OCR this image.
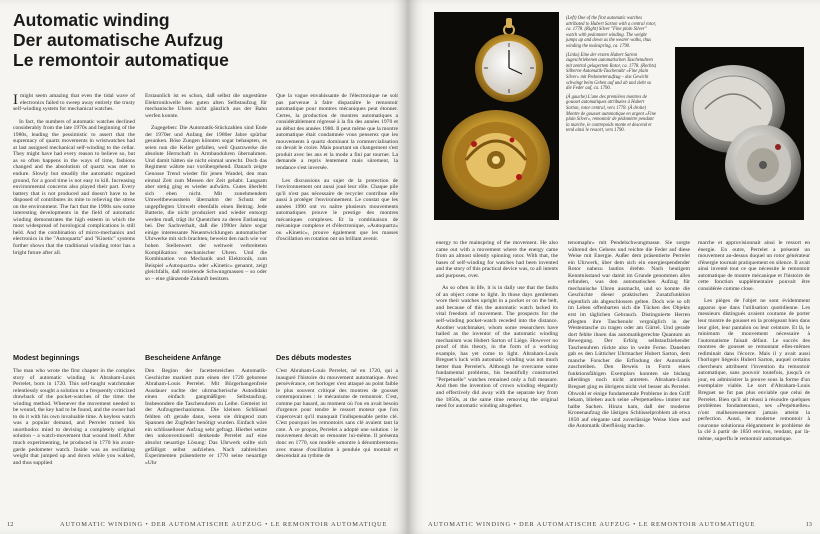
Automatic winding
Der automatische Aufzug
Le remontoir automatique

I might seem amazing that even the tidal wave of electronics failed to sweep away entirely the trusty self-winding system for mechanical watches.

In fact, the numbers of automatic watches declined considerably from the late 1970s and beginning of the 1980s, leading the pessimistic to assert that the supremacy of quartz movements in wristwatches had at last assigned mechanical self-winding to the cellar. They might have had every reason to believe so, but as so often happens in the ways of time, fashions changed and the absolutism of quartz was met to endure. Slowly but steadily the automatic regained ground, for a good time is not easy to kill. Increasing environmental concerns also played their part. Every battery that is not produced and doesn't have to be disposed of contributes its mite to relieving the stress on the environment. The fact that the 1990s saw some interesting developments in the field of automatic winding demonstrates the high esteem in which the most widespread of horological complications is still held. And the combination of micro-mechanics and electronics in the "Autoquartz" and "Kinetic" systems further shows that the traditional winding rotor has a bright future after all.

Erstaunlich ist es schon, daß selbst die ungestüme Elektronikwelle den guten alten Selbstaufzug für mechanische Uhren nicht gänzlich aus der Bahn werfen konnte.

Zugegeben: Die Automatik-Stückzahlen sind Ende der 1970er und Anfang der 1980er Jahre spürbar gesunken. Böse Zungen könnten sogar behaupten, es seien nun die Keller gefallen, weil Quarzwerke die absolute Herrschaft in Armbanduhren übernahmen. Und damit hätten sie nicht einmal unrecht. Doch das Regiment währte nur vorübergehend. Danach zeigte Genosse Trend wieder für jenen Wandel, den man einmal Zeit zum Messen der Zeit gehabt. Langsam aber stetig ging es wieder aufwärts. Gutes überlebt sich eben nicht. Mit zunehmendem Umweltbewusstsein übernahm der Schutz der ungepflegten Umwelt ebenfalls einen Beitrag. Jede Batterie, die nicht produziert und wieder entsorgt werden muß, trägt ihr Quentchen zu deren Entlastung bei. Der Sachverhalt, daß die 1990er Jahre sogar einige interessante Neuentwicklungen automatischer Uhrwerke mit sich brachten, beweist den nach wie vor hohen Stellenwert der weltweit verbreiteten Komplikation: mechanischer Uhren. Und die Kombination von Mechanik und Elektronik, zum Beispiel »Autoquartz« oder »Kinetic« genannt, zeigt gleichfalls, daß rotierende Schwungmassen – so oder so – eine glänzende Zukunft besitzen.

Que la vague envahissante de l'électronique ne soit pas parvenue à faire disparaître le remontoir automatique pour montres mécaniques peut étonner. Certes, la production de montres automatiques a considérablement régressé à la fin des années 1970 et au début des années 1980. Il peut même que la montre automatique était condamnée vous penserez que les mouvements à quartz dominant la commercialisation on devait le croire. Mais pourtant un changement s'est produit avec les ans et la mode a fini par tourner. La demande a repris lentement mais sûrement, la tendance s'est inversée.

Les discussions au sujet de la protection de l'environnement ont aussi joué leur rôle. Chaque pile qu'il n'est pas nécessaire de recycler contribue elle aussi à protéger l'environnement. Le constat que les années 1990 ont vu naître plusieurs mouvements automatiques prouve le prestige des montres mécaniques complexes. Et la combinaison de mécanique complexe et d'électronique, «Autoquartz» ou «Kinetic», prouve également que les masses d'oscillation en rotation ont un brillant avenir.

Modest beginnings	Bescheidene Anfänge	Des débuts modestes

The man who wrote the first chapter in the complex story of automatic winding is Abraham-Louis Perrelet, born in 1720. This self-taught watchmaker relentlessly sought a solution to a frequently criticized drawback of the pocket-watches of the time: the winding method. Whenever the movement needed to be wound, the key had to be found, and the owner had to do it with his own invaluable time. A keyless watch was a popular demand, and Perrelet turned his unorthodox mind to devising a completely original solution – a watch-movement that wound itself. After much experimenting, he produced in 1770 his avant-garde pedometer watch. Inside was an oscillating weight that jumped up and down while you walked, and thus supplied

Den Beginn der facettenreichen Automatik-Geschichte markiert zum einen der 1720 geborene Abraham-Louis Perrelet. Mit Bürgerbangenfreie Ausdauer suchte der uhrmacherische Autodidakt einen einfach gangmäßigen Selbstaufzug. Insbesondere die Taschenuhren zu Leibe. Gemeint ist der Aufzugmechanismus. Die kleinen Schlüssel fehlten oft gerade dann, wenn sie dringend zum Spannen der Zugfeder benötigt wurden. Einfach wäre ein schlüsselloser Aufzug sehr gefragt. Hierbei setzte den unkonventionell denkende Perrelet auf eine absolut neuartige Lösung: Das Uhrwerk sollte sich gefälligst selbst aufziehen. Nach zahlreichen Experimenten präsentierte er 1770 seine neuartige »Uhr

C'est Abraham-Louis Perrelet, né en 1720, qui a inauguré l'histoire du mouvement automatique. Avec persévérance, cet horloger s'est attaqué au point faible le plus souvent critiqué des montres de gousset contemporaines : le mécanisme de remontoir. C'est, comme par hasard, au moment où l'on en avait besoin d'urgence pour tendre le ressort moteur que l'on s'apercevait qu'il manquait l'indispensable petite clé. C'est pourquoi les remontoirs sans clé avaient tant la cote. À ce propos, Perrelet a adopté une solution : le mouvement devait se remonter lui-même. Il présenta donc en 1770, son modèle «montre à dénombrement» avec masse d'oscillation à pendule qui montait et descendait au rythme de

12	AUTOMATIC WINDING • DER AUTOMATISCHE AUFZUG • LE REMONTOIR AUTOMATIQUE

(Left) One of the first automatic watches attributed to Hubert Sarton with a central rotor, ca. 1778. (Right) Silver "Fine plain Silver" watch with pedometer winding. The weight jumps up and down as the wearer walks, thus winding the mainspring, ca. 1790.

(Links) Eine der ersten Hubert Sarton zugeschriebenen automatischen Taschenuhren mit zentral gelagertem Rotor, ca. 1778. (Rechts) Silberne Automatik-Taschenuhr »Fine plain Silver« mit Pedometeraufzug – das Gewicht schwingt beim Gehen auf und ab und zieht so die Feder auf, ca. 1790.

(À gauche) L'une des premières montres de gousset automatiques attribuées à Hubert Sarton, rotor central, vers 1778. (À droite) Montre de gousset automatique en argent «Fine plain Silver», remontoir de pédomètre pendant la marche, le contrepoids monte et descend et tend ainsi le ressort, vers 1790.

energy to the mainspring of the movement. He also came out with a movement where the energy came from an almost silently spinning rotor. With that, the bases of self-winding for watches had been invented and the story of this practical device was, to all intents and purposes, over.

As so often in life, it is in daily use that the faults of an object come to light. In those days gentlemen wore their watches upright in a pocket or on the belt, and because of this the automatic watch lacked its vital freedom of movement. The prospects for the self-winding pocket-watch receded into the distance. Another watchmaker, whom some researchers have hailed as the inventor of the automatic winding mechanism was Hubert Sarton of Liège. However no proof of this theory, in the form of a working example, has yet come to light. Abraham-Louis Breguet's luck with automatic winding was not much better than Perrelet's. Although he overcame some fundamental problems, his beautifully constructed "Perpetuelle" watches remained only a full measure. And then the invention of crown winding elegantly and effectively did away with the separate key from the 1850s, at the same time removing the original need for automatic winding altogether.

tenomaphr« mit Pendelschwungmasse. Sie sorgte während des Gehens und reichte die Feder auf diese Weise mit Energie. Außer dem präsentierte Perrelet ein Uhrwerk, über dem sich ein energiespendender Rotor nahezu lautlos drehte. Nach heutigem Kenntnisstand war damit im Grunde genommen alles erfunden, was den automatischen Aufzug für mechanische Uhren ausmacht, und so konnte die Geschichte dieser praktischen Zusatzfunktion eigentlich als abgeschlossen gelten. Doch wie so oft im Leben offenbarten sich die Tücken des Objekts erst im täglichen Gebrauch. Distinguierte Herren pflegten ihre Taschenuhr vergnüglich in der Westentasche zu tragen oder am Gürtel. Und gerade dort fehlte ihnen das automatikgerechte Quantum an Bewegung. Der Erfolg selbstaufziehender Taschenuhren rückte also in weite Ferne. Daneben gab es den Lütticher Uhrmacher Hubert Sarton, dem manche Forscher die Erfindung der Automatik zuschreiben. Den Beweis in Form eines funktionsfähigen Exemplars konnten sie bislang allerdings noch nicht antreten. Abraham-Louis Breguet ging es übrigens nicht viel besser als Perrelet. Obwohl er einige fundamentale Probleme in den Griff bekam, blieben auch seine »Perpetuelles« immer nur halbe Sachen. Hinzu kam, daß der moderne Kronenaufzug die lästigen Schlüsselproblem ab etwa 1850 auf elegante und zuverlässige Weise löste und die Automatik überflüssig machte.

marche et approvisionnait ainsi le ressort en énergie. En outre, Perrelet a présenté un mouvement au-dessus duquel un rotor générateur d'énergie tournait pratiquement en silence. Il avait ainsi inventé tout ce que nécessite le remontoir automatique de montre mécanique et l'histoire de cette fonction supplémentaire pouvait être considérée comme close.

Les pièges de l'objet ne sont évidemment apparus que dans l'utilisation quotidienne. Les messieurs distingués avaient coutume de porter leur montre de gousset en la protégeant bien dans leur gilet, leur pantalon ou leur ceinture. Et là, le minimum de mouvement nécessaire à l'automatisme faisait défaut. Le succès des montres de gousset se remontant elles-mêmes rediminait dans l'écorce. Mais il y avait aussi l'horloger liégeois Hubert Sarton, auquel certains chercheurs attribuent l'invention du remontoir automatique, sans pouvoir toutefois, jusqu'à ce jour, en administrer la preuve sous la forme d'un exemplaire viable. Le sort d'Abraham-Louis Breguet ne fut pas plus enviable que celui de Perrelet. Bien qu'il ait réussi à résoudre quelques problèmes fondamentaux, ses «Perpétuelles» n'ont malheureusement jamais atteint la perfection. Aussi, le moderne remontoir à couronne solutionna élégamment le problème de la clé à partir de 1850 environ, rendant, par là-même, superflu le remontoir automatique.

AUTOMATIC WINDING • DER AUTOMATISCHE AUFZUG • LE REMONTOIR AUTOMATIQUE	13
